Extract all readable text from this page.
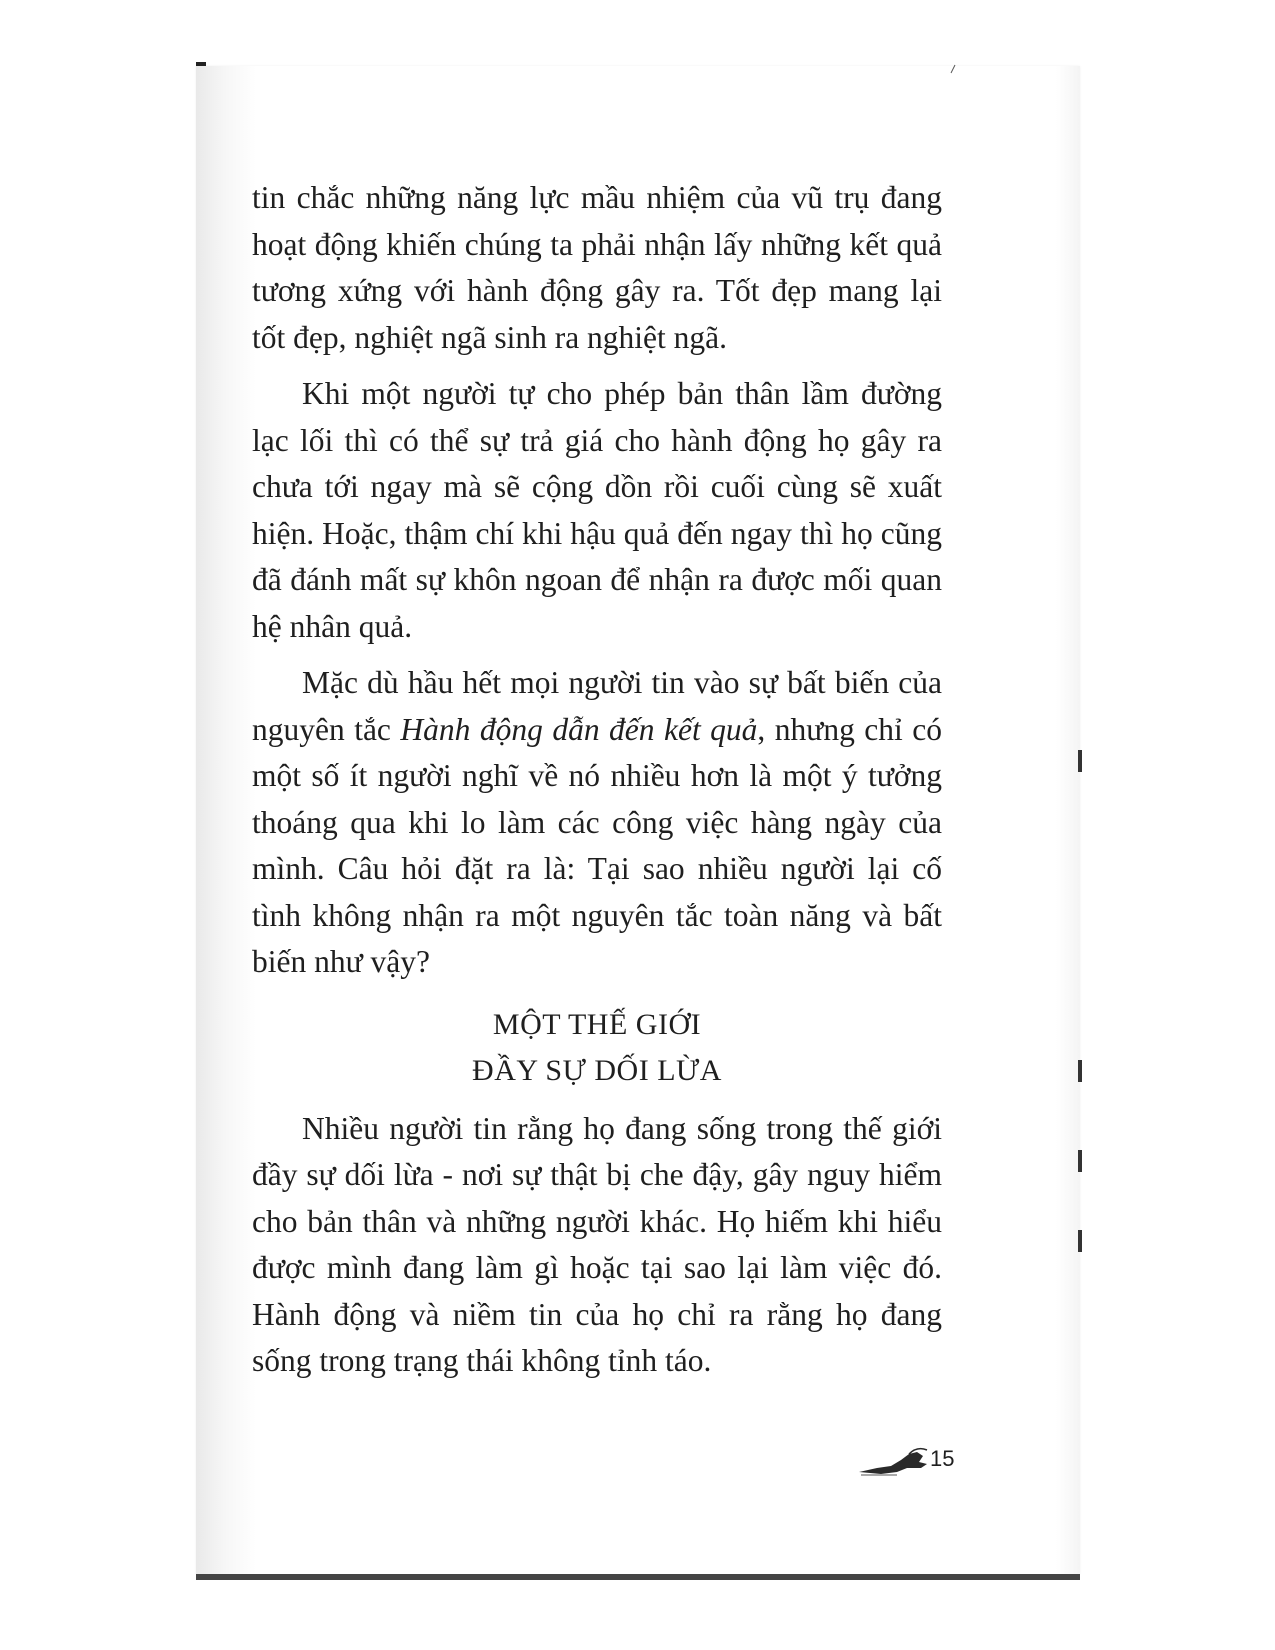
tin chắc những năng lực mầu nhiệm của vũ trụ đang hoạt động khiến chúng ta phải nhận lấy những kết quả tương xứng với hành động gây ra. Tốt đẹp mang lại tốt đẹp, nghiệt ngã sinh ra nghiệt ngã.

Khi một người tự cho phép bản thân lầm đường lạc lối thì có thể sự trả giá cho hành động họ gây ra chưa tới ngay mà sẽ cộng dồn rồi cuối cùng sẽ xuất hiện. Hoặc, thậm chí khi hậu quả đến ngay thì họ cũng đã đánh mất sự khôn ngoan để nhận ra được mối quan hệ nhân quả.

Mặc dù hầu hết mọi người tin vào sự bất biến của nguyên tắc Hành động dẫn đến kết quả, nhưng chỉ có một số ít người nghĩ về nó nhiều hơn là một ý tưởng thoáng qua khi lo làm các công việc hàng ngày của mình. Câu hỏi đặt ra là: Tại sao nhiều người lại cố tình không nhận ra một nguyên tắc toàn năng và bất biến như vậy?

MỘT THẾ GIỚI
ĐẦY SỰ DỐI LỪA

Nhiều người tin rằng họ đang sống trong thế giới đầy sự dối lừa - nơi sự thật bị che đậy, gây nguy hiểm cho bản thân và những người khác. Họ hiếm khi hiểu được mình đang làm gì hoặc tại sao lại làm việc đó. Hành động và niềm tin của họ chỉ ra rằng họ đang sống trong trạng thái không tỉnh táo.

15
